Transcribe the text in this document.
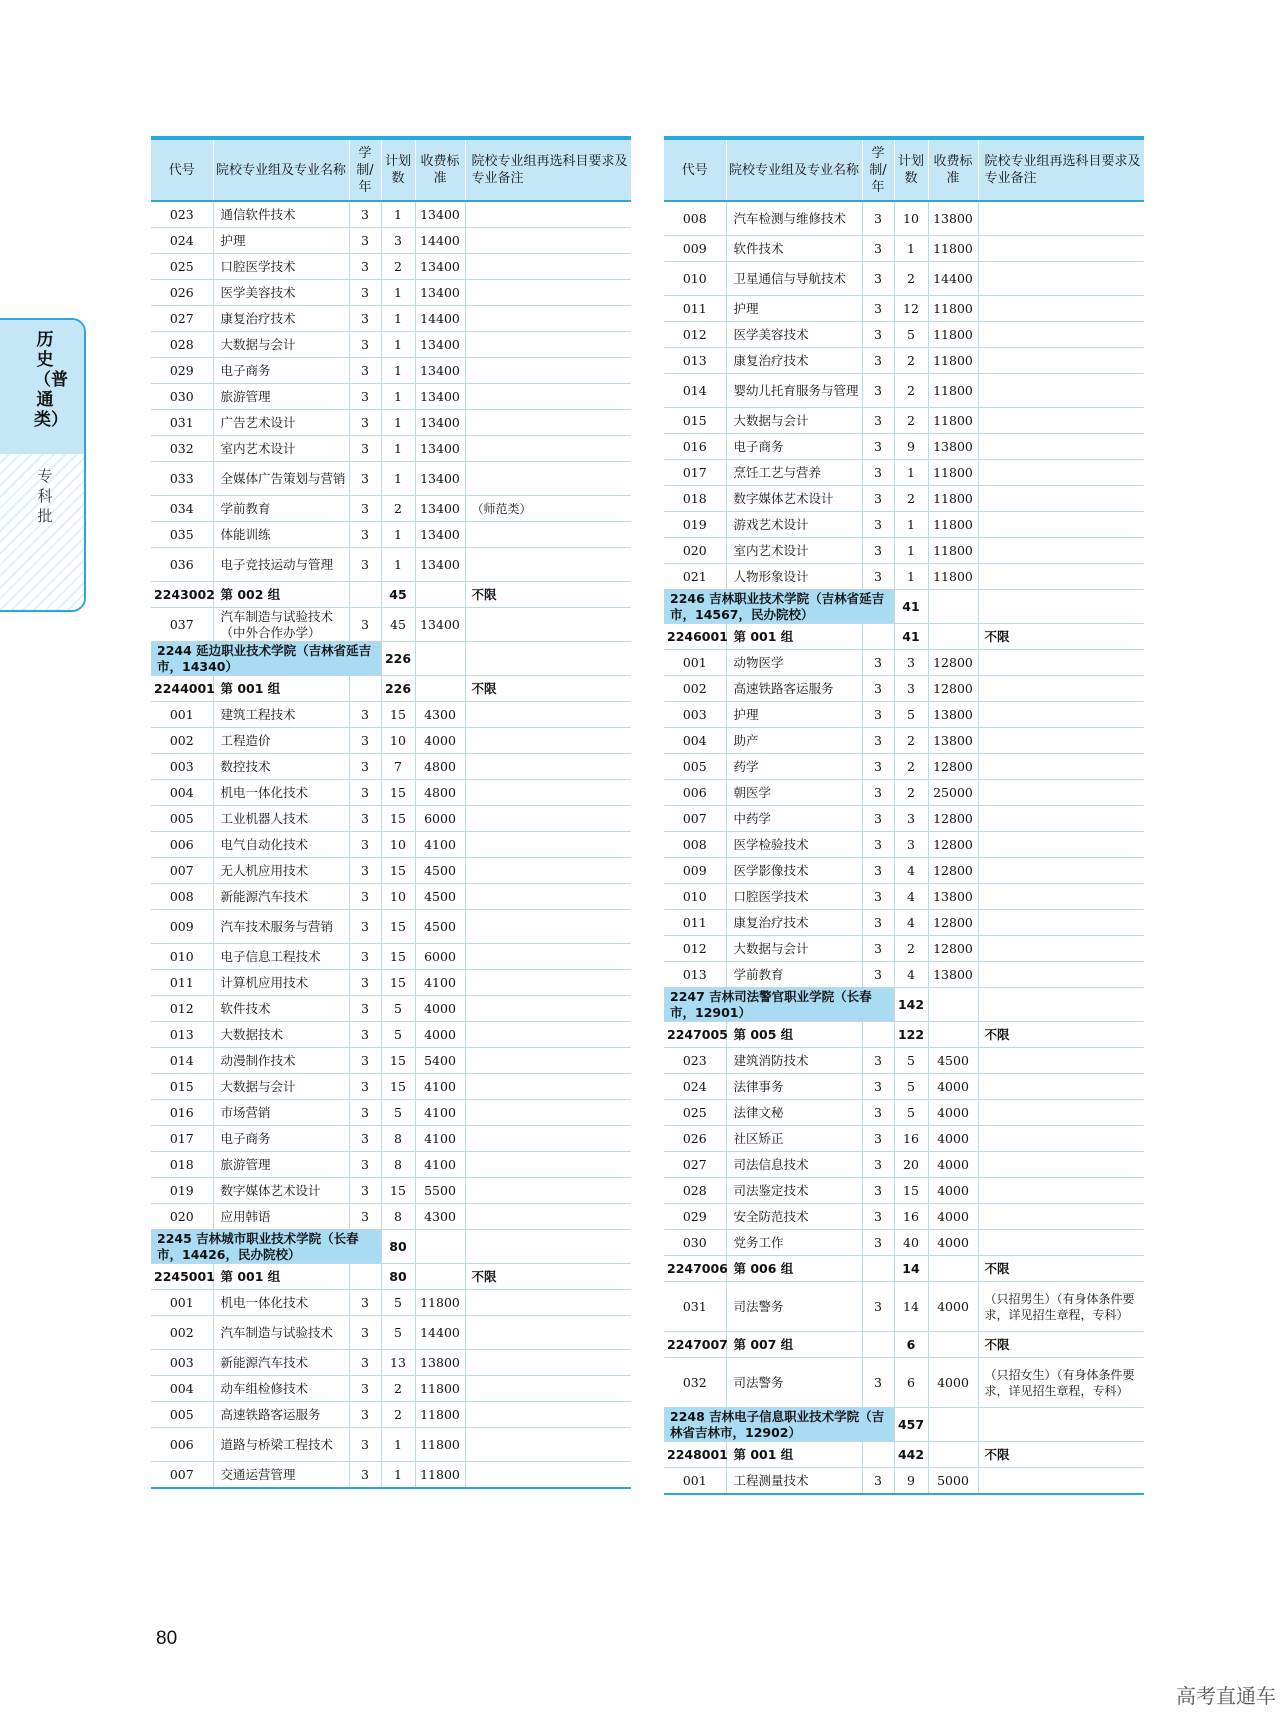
历史（普通类）
专科批
代号	院校专业组及专业名称	学制/年	计划数	收费标准	院校专业组再选科目要求及专业备注
023	通信软件技术	3	1	13400	
024	护理	3	3	14400	
025	口腔医学技术	3	2	13400	
026	医学美容技术	3	1	13400	
027	康复治疗技术	3	1	14400	
028	大数据与会计	3	1	13400	
029	电子商务	3	1	13400	
030	旅游管理	3	1	13400	
031	广告艺术设计	3	1	13400	
032	室内艺术设计	3	1	13400	
033	全媒体广告策划与营销	3	1	13400	
034	学前教育	3	2	13400	（师范类）
035	体能训练	3	1	13400	
036	电子竞技运动与管理	3	1	13400	
2243002	第 002 组		45		不限
037	汽车制造与试验技术（中外合作办学）	3	45	13400	
2244 延边职业技术学院（吉林省延吉市，14340）			226		
2244001	第 001 组		226		不限
001	建筑工程技术	3	15	4300	
002	工程造价	3	10	4000	
003	数控技术	3	7	4800	
004	机电一体化技术	3	15	4800	
005	工业机器人技术	3	15	6000	
006	电气自动化技术	3	10	4100	
007	无人机应用技术	3	15	4500	
008	新能源汽车技术	3	10	4500	
009	汽车技术服务与营销	3	15	4500	
010	电子信息工程技术	3	15	6000	
011	计算机应用技术	3	15	4100	
012	软件技术	3	5	4000	
013	大数据技术	3	5	4000	
014	动漫制作技术	3	15	5400	
015	大数据与会计	3	15	4100	
016	市场营销	3	5	4100	
017	电子商务	3	8	4100	
018	旅游管理	3	8	4100	
019	数字媒体艺术设计	3	15	5500	
020	应用韩语	3	8	4300	
2245 吉林城市职业技术学院（长春市，14426，民办院校）			80		
2245001	第 001 组		80		不限
001	机电一体化技术	3	5	11800	
002	汽车制造与试验技术	3	5	14400	
003	新能源汽车技术	3	13	13800	
004	动车组检修技术	3	2	11800	
005	高速铁路客运服务	3	2	11800	
006	道路与桥梁工程技术	3	1	11800	
007	交通运营管理	3	1	11800	
代号	院校专业组及专业名称	学制/年	计划数	收费标准	院校专业组再选科目要求及专业备注
008	汽车检测与维修技术	3	10	13800	
009	软件技术	3	1	11800	
010	卫星通信与导航技术	3	2	14400	
011	护理	3	12	11800	
012	医学美容技术	3	5	11800	
013	康复治疗技术	3	2	11800	
014	婴幼儿托育服务与管理	3	2	11800	
015	大数据与会计	3	2	11800	
016	电子商务	3	9	13800	
017	烹饪工艺与营养	3	1	11800	
018	数字媒体艺术设计	3	2	11800	
019	游戏艺术设计	3	1	11800	
020	室内艺术设计	3	1	11800	
021	人物形象设计	3	1	11800	
2246 吉林职业技术学院（吉林省延吉市，14567，民办院校）			41		
2246001	第 001 组		41		不限
001	动物医学	3	3	12800	
002	高速铁路客运服务	3	3	12800	
003	护理	3	5	13800	
004	助产	3	2	13800	
005	药学	3	2	12800	
006	朝医学	3	2	25000	
007	中药学	3	3	12800	
008	医学检验技术	3	3	12800	
009	医学影像技术	3	4	12800	
010	口腔医学技术	3	4	13800	
011	康复治疗技术	3	4	12800	
012	大数据与会计	3	2	12800	
013	学前教育	3	4	13800	
2247 吉林司法警官职业学院（长春市，12901）			142		
2247005	第 005 组		122		不限
023	建筑消防技术	3	5	4500	
024	法律事务	3	5	4000	
025	法律文秘	3	5	4000	
026	社区矫正	3	16	4000	
027	司法信息技术	3	20	4000	
028	司法鉴定技术	3	15	4000	
029	安全防范技术	3	16	4000	
030	党务工作	3	40	4000	
2247006	第 006 组		14		不限
031	司法警务	3	14	4000	（只招男生）（有身体条件要求，详见招生章程，专科）
2247007	第 007 组		6		不限
032	司法警务	3	6	4000	（只招女生）（有身体条件要求，详见招生章程，专科）
2248 吉林电子信息职业技术学院（吉林省吉林市，12902）			457		
2248001	第 001 组		442		不限
001	工程测量技术	3	9	5000	
80
高考直通车
